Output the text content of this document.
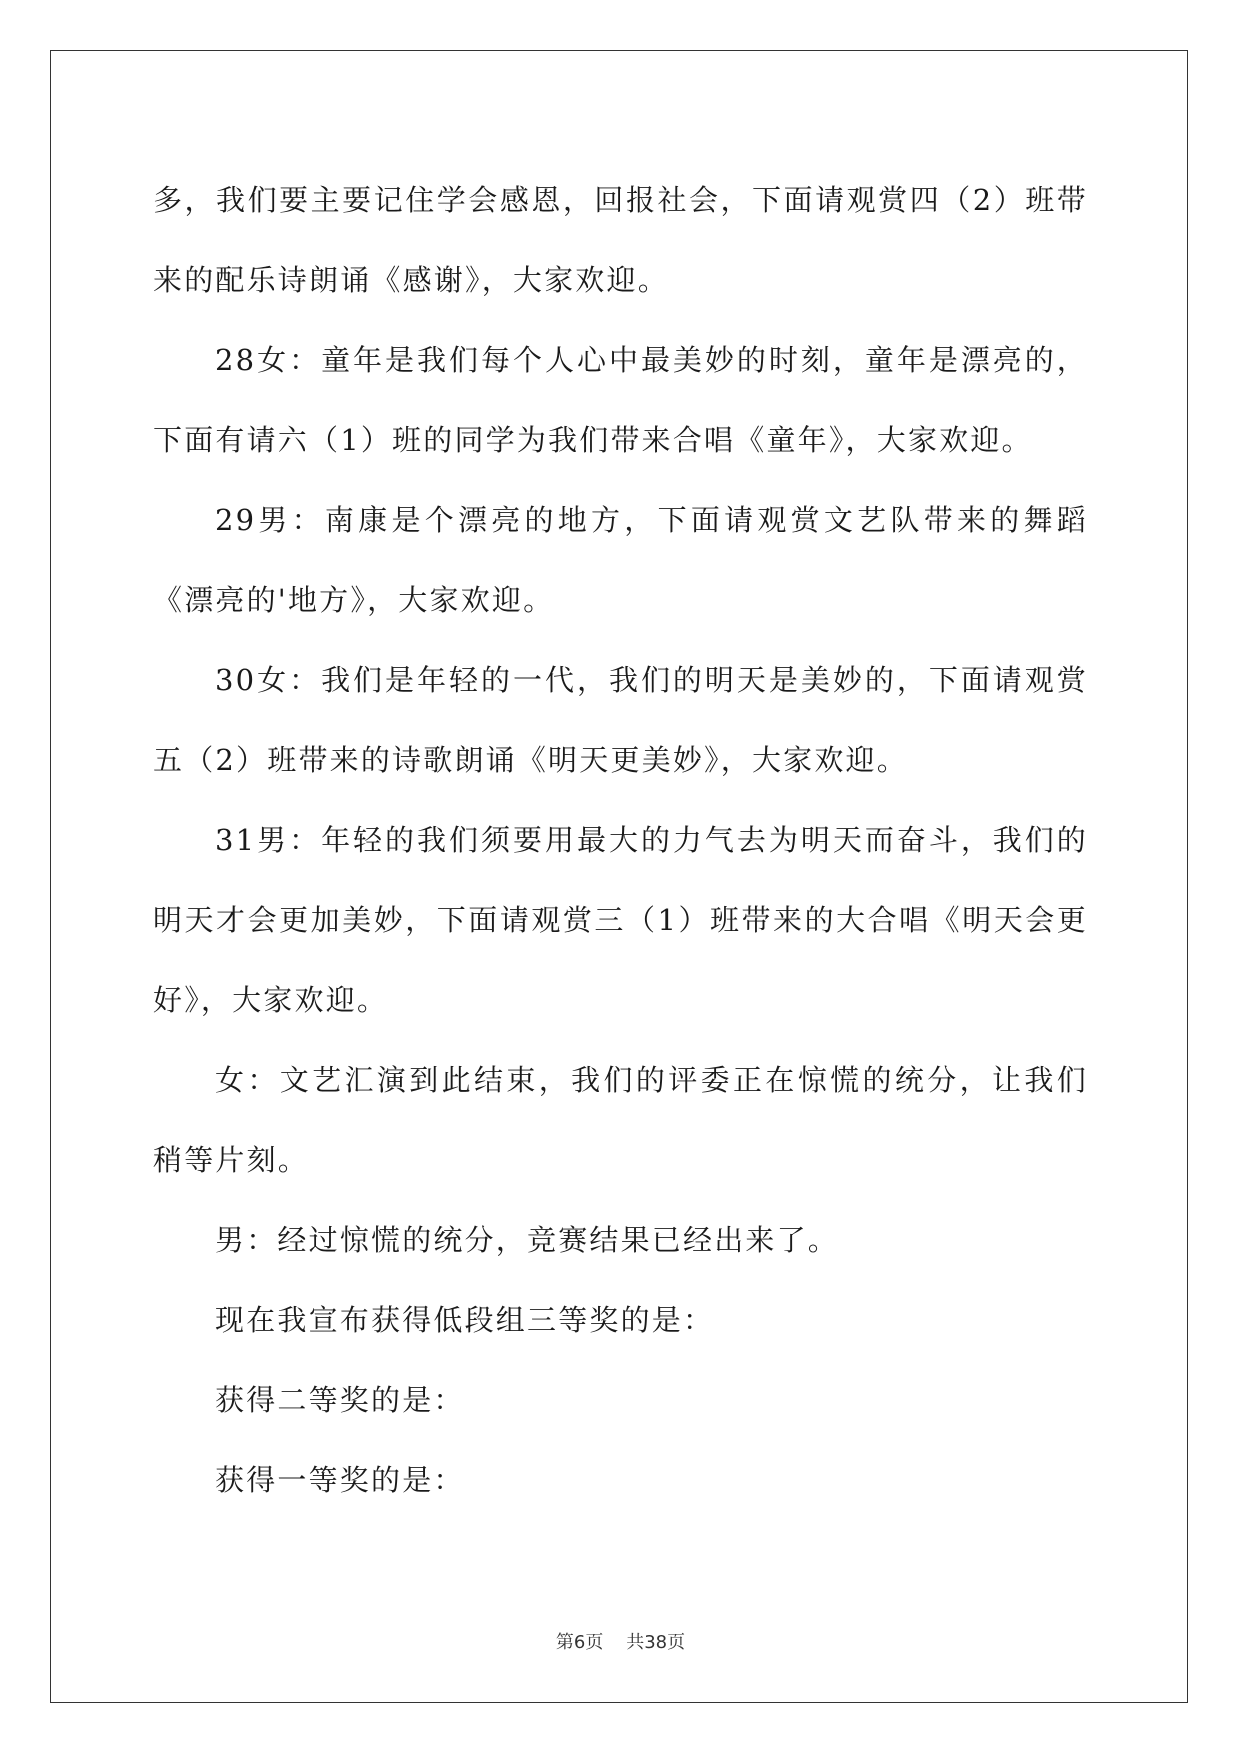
多，我们要主要记住学会感恩，回报社会，下面请观赏四（2）班带来的配乐诗朗诵《感谢》，大家欢迎。

28女：童年是我们每个人心中最美妙的时刻，童年是漂亮的，下面有请六（1）班的同学为我们带来合唱《童年》，大家欢迎。

29男：南康是个漂亮的地方，下面请观赏文艺队带来的舞蹈《漂亮的'地方》，大家欢迎。

30女：我们是年轻的一代，我们的明天是美妙的，下面请观赏五（2）班带来的诗歌朗诵《明天更美妙》，大家欢迎。

31男：年轻的我们须要用最大的力气去为明天而奋斗，我们的明天才会更加美妙，下面请观赏三（1）班带来的大合唱《明天会更好》，大家欢迎。

女：文艺汇演到此结束，我们的评委正在惊慌的统分，让我们稍等片刻。

男：经过惊慌的统分，竞赛结果已经出来了。

现在我宣布获得低段组三等奖的是：

获得二等奖的是：

获得一等奖的是：

第6页 共38页
